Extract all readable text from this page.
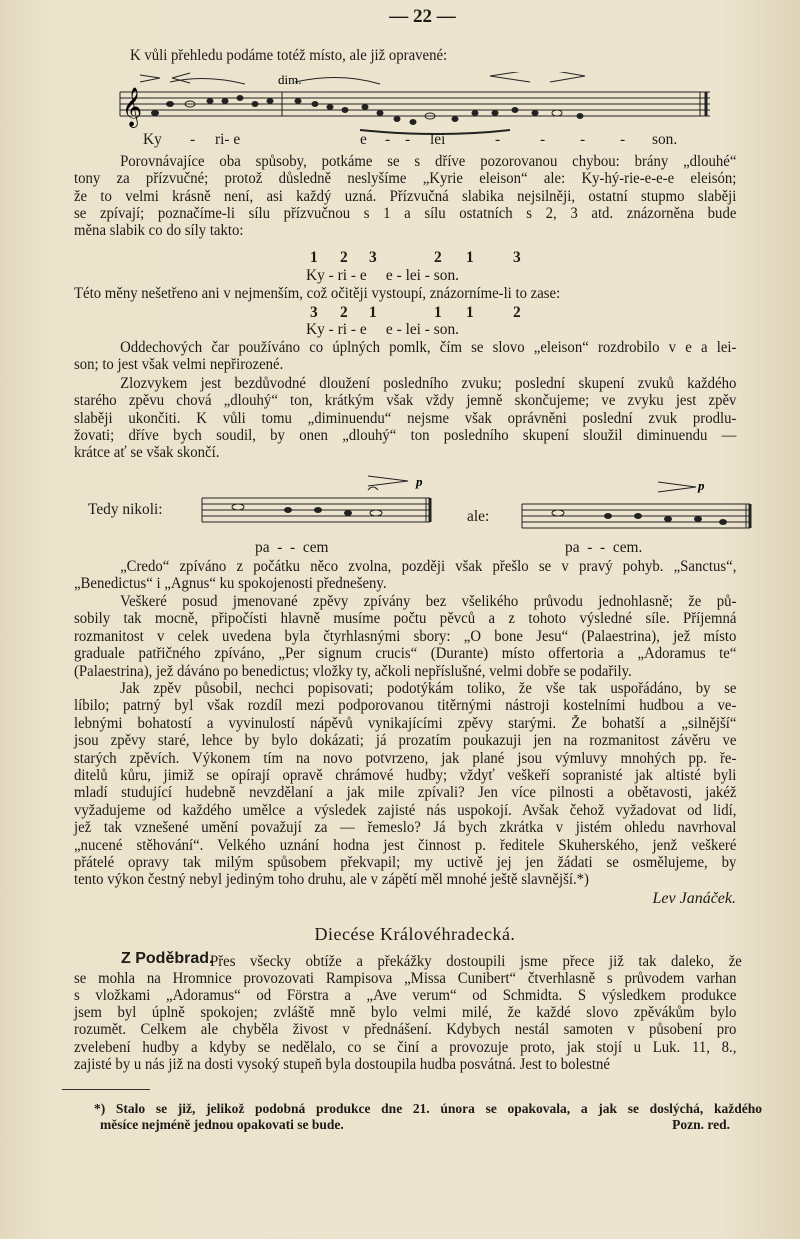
— 22 —
K vůli přehledu podáme totéž místo, ale již opravené:
𝄞
dim.
Ky - ri- e	e - - lei	-	- - - son.
Porovnávajíce oba spůsoby, potkáme se s dříve pozorovanou chybou: brány „dlouhé“
tony za přízvučné; protož důsledně neslyšíme „Kyrie eleison“ ale: Ky-hý-rie-e-e-e eleisón;
že to velmi krásně není, asi každý uzná. Přízvučná slabika nejsilněji, ostatní stupmo slaběji
se zpívají; poznačíme-li sílu přízvučnou s 1 a sílu ostatních s 2, 3 atd. znázorněna bude
měna slabik co do síly takto:
1 2 3	2 1	3
Ky - ri - e     e - lei - son.
Této měny nešetřeno ani v nejmenším, což očitěji vystoupí, znázorníme-li to zase:
3 2 1	1 1	2
Ky - ri - e     e - lei - son.
Oddechových čar používáno co úplných pomlk, čím se slovo „eleison“ rozdrobilo v e a lei-
son; to jest však velmi nepřirozené.
Zlozvykem jest bezdůvodné dloužení posledního zvuku; poslední skupení zvuků každého
starého zpěvu chová „dlouhý“ ton, krátkým však vždy jemně skončujeme; ve zvyku jest zpěv
slaběji ukončiti. K vůli tomu „diminuendu“ nejsme však oprávněni poslední zvuk prodlu-
žovati; dříve bych soudil, by onen „dlouhý“ ton posledního skupení sloužil diminuendu —
krátce ať se však skončí.
Tedy nikoli:
p
pa  -  -  cem
ale:
p
pa  -  -  cem.
„Credo“ zpíváno z počátku něco zvolna, později však přešlo se v pravý pohyb. „Sanctus“,
„Benedictus“ i „Agnus“ ku spokojenosti přednešeny.
Veškeré posud jmenované zpěvy zpívány bez všelikého průvodu jednohlasně; že pů-
sobily tak mocně, připočísti hlavně musíme počtu pěvců a z tohoto výsledné síle. Příjemná
rozmanitost v celek uvedena byla čtyrhlasnými sbory: „O bone Jesu“ (Palaestrina), jež místo
graduale patřičného zpíváno, „Per signum crucis“ (Durante) místo offertoria a „Adoramus te“
(Palaestrina), jež dáváno po benedictus; vložky ty, ačkoli nepříslušné, velmi dobře se podařily.
Jak zpěv působil, nechci popisovati; podotýkám toliko, že vše tak uspořádáno, by se
líbilo; patrný byl však rozdíl mezi podporovanou titěrnými nástroji kostelními hudbou a ve-
lebnými bohatostí a vyvinulostí nápěvů vynikajícími zpěvy starými. Že bohatší a „silnější“
jsou zpěvy staré, lehce by bylo dokázati; já prozatím poukazuji jen na rozmanitost závěru ve
starých zpěvích. Výkonem tím na novo potvrzeno, jak plané jsou výmluvy mnohých pp. ře-
ditelů kůru, jimiž se opírají opravě chrámové hudby; vždyť veškeří sopranisté jak altisté byli
mladí studující hudebně nevzdělaní a jak mile zpívali? Jen více pilnosti a obětavosti, jakéž
vyžadujeme od každého umělce a výsledek zajisté nás uspokojí. Avšak čehož vyžadovat od lidí,
jež tak vznešené umění považují za — řemeslo? Já bych zkrátka v jistém ohledu navrhoval
„nucené stěhování“. Velkého uznání hodna jest činnost p. ředitele Skuherského, jenž veškeré
přátelé opravy tak milým spůsobem překvapil; my uctivě jej jen žádati se osmělujeme, by
tento výkon čestný nebyl jediným toho druhu, ale v zápětí měl mnohé ještě slavnější.*)
Lev Janáček.
Diecése Královéhradecká.
Z Poděbrad.
Přes všecky obtíže a překážky dostoupili jsme přece již tak daleko, že
se mohla na Hromnice provozovati Rampisova „Missa Cunibert“ čtverhlasně s průvodem varhan
s vložkami „Adoramus“ od Förstra a „Ave verum“ od Schmidta. S výsledkem produkce
jsem byl úplně spokojen; zvláště mně bylo velmi milé, že každé slovo zpěvákům bylo
rozumět. Celkem ale chyběla živost v přednášení. Kdybych nestál samoten v působení pro
zvelebení hudby a kdyby se nedělalo, co se činí a provozuje proto, jak stojí u Luk. 11, 8.,
zajisté by u nás již na dosti vysoký stupeň byla dostoupila hudba posvátná. Jest to bolestné
*) Stalo se již, jelikož podobná produkce dne 21. února se opakovala, a jak se doslýchá, každého
měsíce nejméně jednou opakovati se bude.	Pozn. red.
